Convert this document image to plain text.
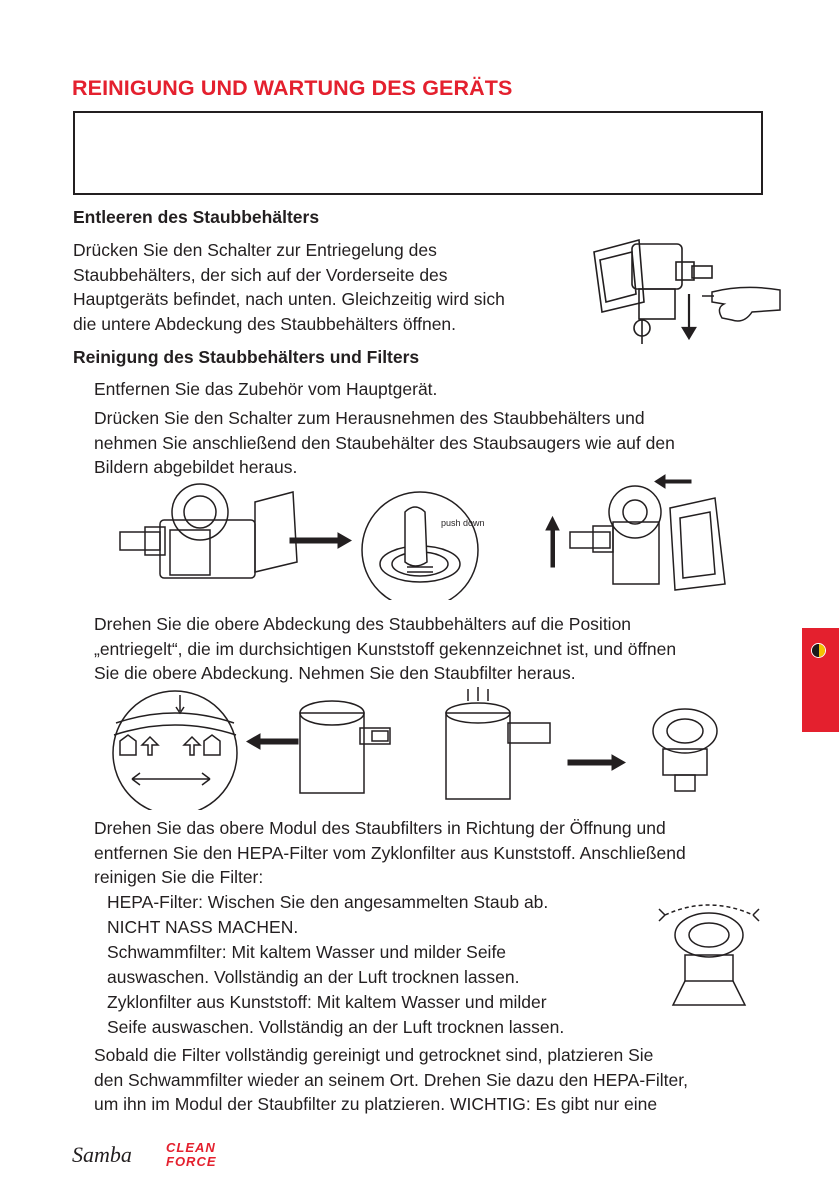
REINIGUNG UND WARTUNG DES GERÄTS
Entleeren des Staubbehälters
Drücken Sie den Schalter zur Entriegelung des
Staubbehälters, der sich auf der Vorderseite des
Hauptgeräts befindet, nach unten. Gleichzeitig wird sich
die untere Abdeckung des Staubbehälters öffnen.
Reinigung des Staubbehälters und Filters
Entfernen Sie das Zubehör vom Hauptgerät.
Drücken Sie den Schalter zum Herausnehmen des Staubbehälters und
nehmen Sie anschließend den Staubehälter des Staubsaugers wie auf den
Bildern abgebildet heraus.
push down
Drehen Sie die obere Abdeckung des Staubbehälters auf die Position
„entriegelt“, die im durchsichtigen Kunststoff gekennzeichnet ist, und öffnen
Sie die obere Abdeckung. Nehmen Sie den Staubfilter heraus.
Drehen Sie das obere Modul des Staubfilters in Richtung der Öffnung und
entfernen Sie den HEPA-Filter vom Zyklonfilter aus Kunststoff. Anschließend
reinigen Sie die Filter:
HEPA-Filter: Wischen Sie den angesammelten Staub ab.
NICHT NASS MACHEN.
Schwammfilter: Mit kaltem Wasser und milder Seife
auswaschen. Vollständig an der Luft trocknen lassen.
Zyklonfilter aus Kunststoff: Mit kaltem Wasser und milder
Seife auswaschen. Vollständig an der Luft trocknen lassen.
Sobald die Filter vollständig gereinigt und getrocknet sind, platzieren Sie
den Schwammfilter wieder an seinem Ort. Drehen Sie dazu den HEPA-Filter,
um ihn im Modul der Staubfilter zu platzieren. WICHTIG: Es gibt nur eine
Samba	CLEAN
FORCE
